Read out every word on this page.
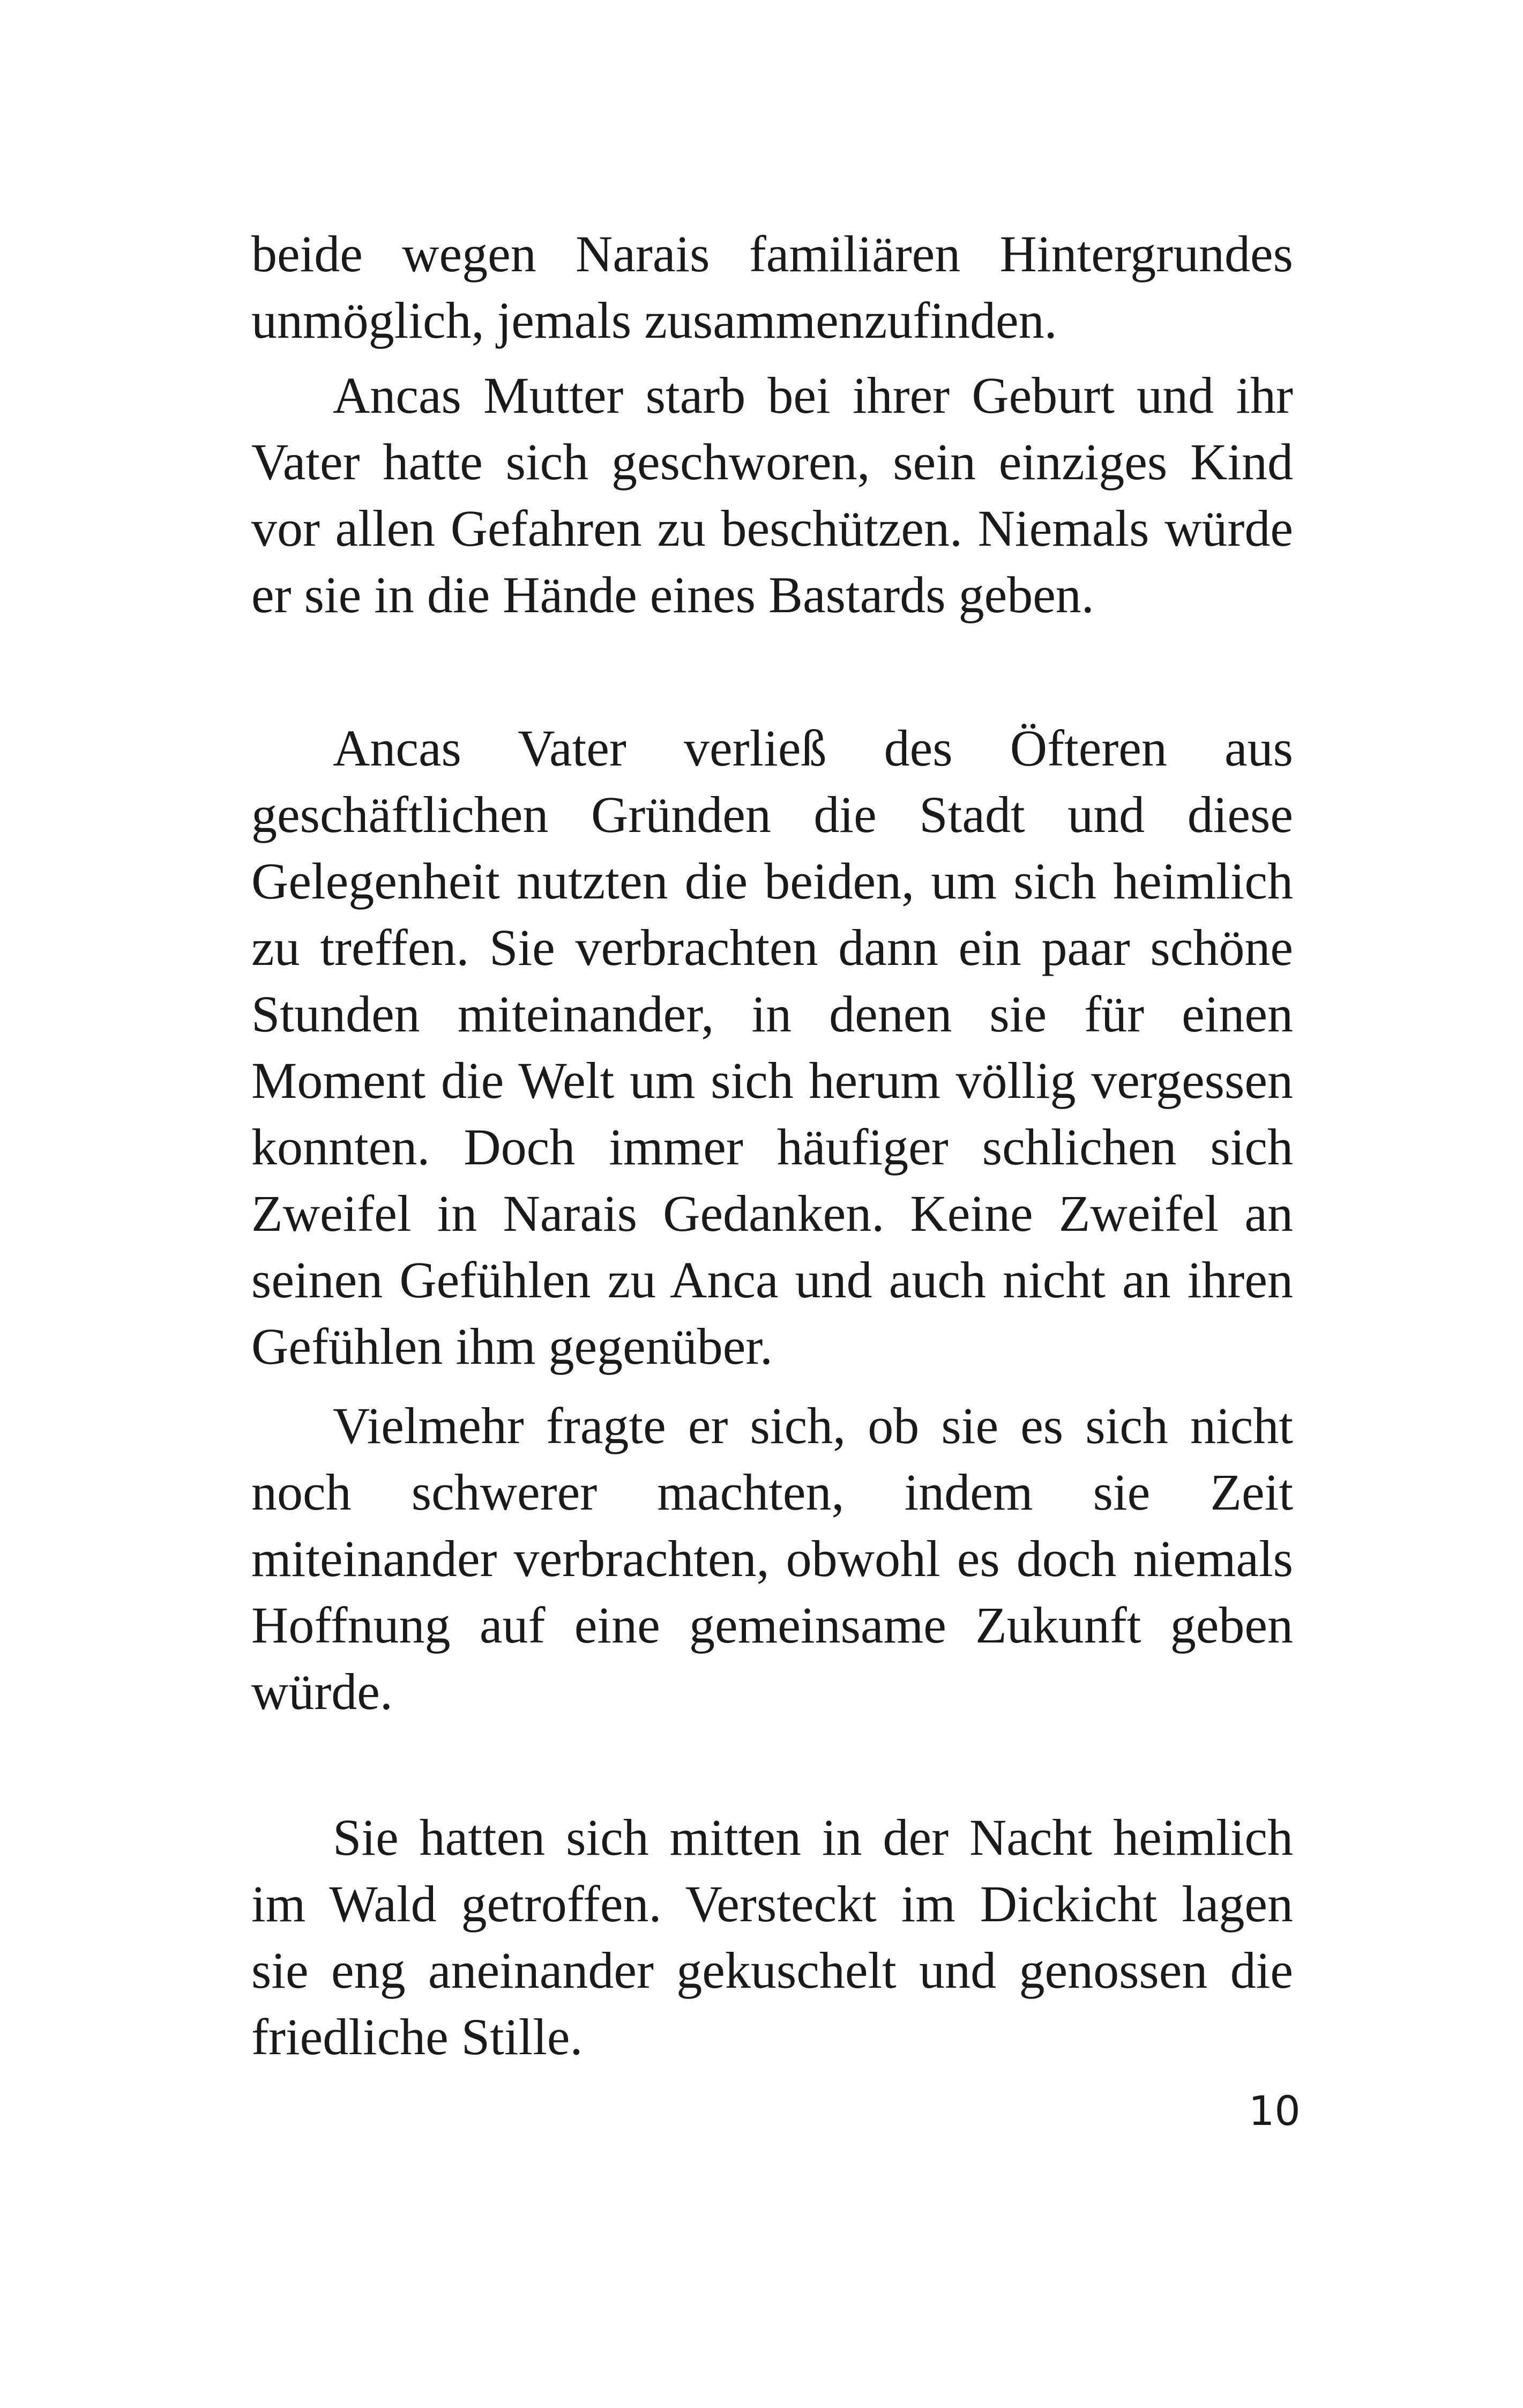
beide wegen Narais familiären Hintergrundes
unmöglich, jemals zusammenzufinden.
Ancas Mutter starb bei ihrer Geburt und ihr
Vater hatte sich geschworen, sein einziges Kind
vor allen Gefahren zu beschützen. Niemals würde
er sie in die Hände eines Bastards geben.
Ancas Vater verließ des Öfteren aus
geschäftlichen Gründen die Stadt und diese
Gelegenheit nutzten die beiden, um sich heimlich
zu treffen. Sie verbrachten dann ein paar schöne
Stunden miteinander, in denen sie für einen
Moment die Welt um sich herum völlig vergessen
konnten. Doch immer häufiger schlichen sich
Zweifel in Narais Gedanken. Keine Zweifel an
seinen Gefühlen zu Anca und auch nicht an ihren
Gefühlen ihm gegenüber.
Vielmehr fragte er sich, ob sie es sich nicht
noch schwerer machten, indem sie Zeit
miteinander verbrachten, obwohl es doch niemals
Hoffnung auf eine gemeinsame Zukunft geben
würde.
Sie hatten sich mitten in der Nacht heimlich
im Wald getroffen. Versteckt im Dickicht lagen
sie eng aneinander gekuschelt und genossen die
friedliche Stille.
10
